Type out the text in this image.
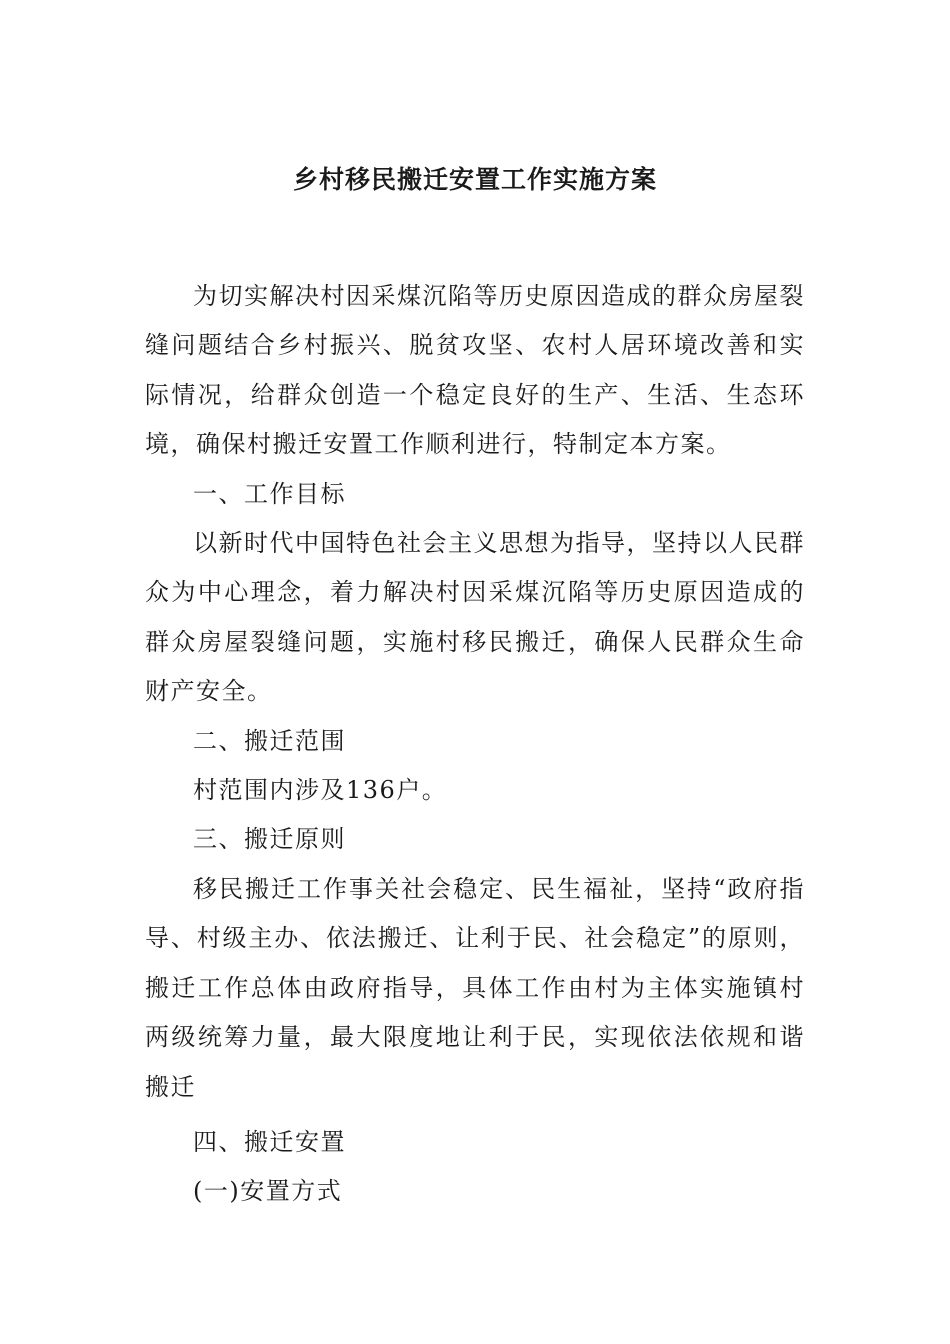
乡村移民搬迁安置工作实施方案

为切实解决村因采煤沉陷等历史原因造成的群众房屋裂缝问题结合乡村振兴、脱贫攻坚、农村人居环境改善和实际情况，给群众创造一个稳定良好的生产、生活、生态环境，确保村搬迁安置工作顺利进行，特制定本方案。

一、工作目标

以新时代中国特色社会主义思想为指导，坚持以人民群众为中心理念，着力解决村因采煤沉陷等历史原因造成的群众房屋裂缝问题，实施村移民搬迁，确保人民群众生命财产安全。

二、搬迁范围

村范围内涉及136户。

三、搬迁原则

移民搬迁工作事关社会稳定、民生福祉，坚持“政府指导、村级主办、依法搬迁、让利于民、社会稳定”的原则，搬迁工作总体由政府指导，具体工作由村为主体实施镇村两级统筹力量，最大限度地让利于民，实现依法依规和谐搬迁

四、搬迁安置

(一)安置方式
